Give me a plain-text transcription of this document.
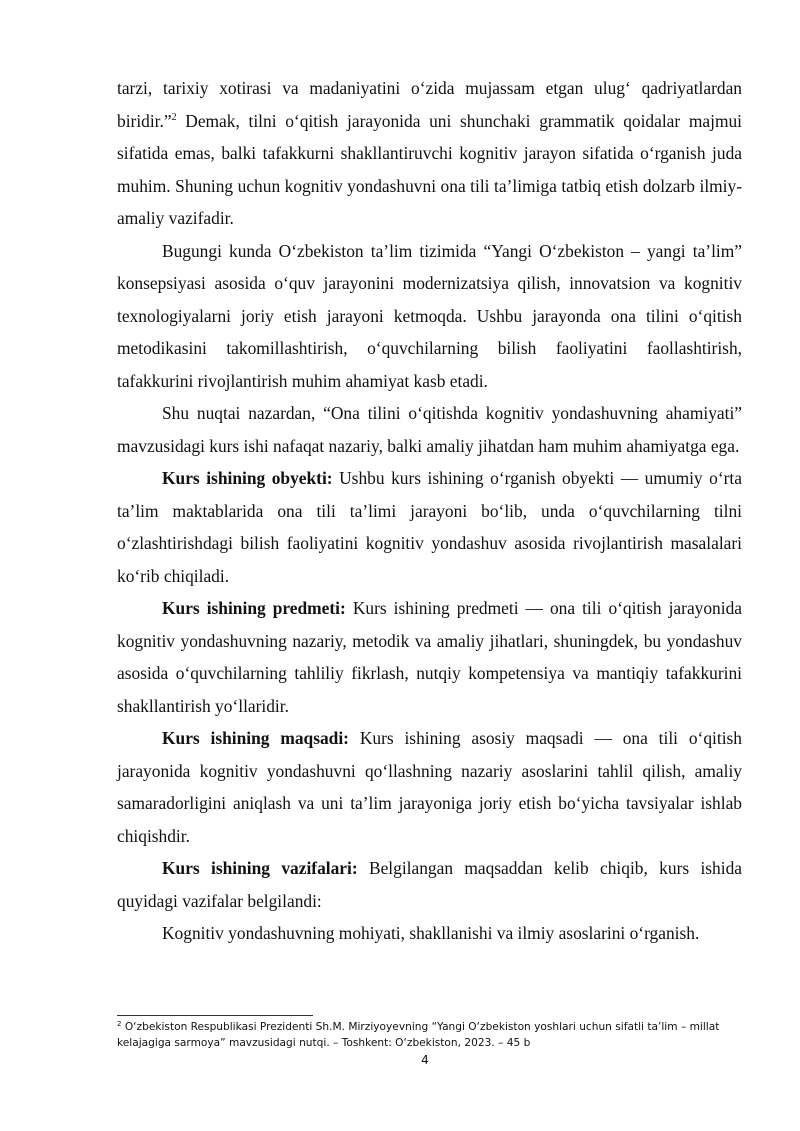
tarzi, tarixiy xotirasi va madaniyatini o‘zida mujassam etgan ulug‘ qadriyatlardan biridir.”$^2$ Demak, tilni o‘qitish jarayonida uni shunchaki grammatik qoidalar majmui sifatida emas, balki tafakkurni shakllantiruvchi kognitiv jarayon sifatida o‘rganish juda muhim. Shuning uchun kognitiv yondashuvni ona tili ta’limiga tatbiq etish dolzarb ilmiy-amaliy vazifadir.

Bugungi kunda O‘zbekiston ta’lim tizimida “Yangi O‘zbekiston – yangi ta’lim” konsepsiyasi asosida o‘quv jarayonini modernizatsiya qilish, innovatsion va kognitiv texnologiyalarni joriy etish jarayoni ketmoqda. Ushbu jarayonda ona tilini o‘qitish metodikasini takomillashtirish, o‘quvchilarning bilish faoliyatini faollashtirish, tafakkurini rivojlantirish muhim ahamiyat kasb etadi.

Shu nuqtai nazardan, “Ona tilini o‘qitishda kognitiv yondashuvning ahamiyati” mavzusidagi kurs ishi nafaqat nazariy, balki amaliy jihatdan ham muhim ahamiyatga ega.

Kurs ishining obyekti: Ushbu kurs ishining o‘rganish obyekti — umumiy o‘rta ta’lim maktablarida ona tili ta’limi jarayoni bo‘lib, unda o‘quvchilarning tilni o‘zlashtirishdagi bilish faoliyatini kognitiv yondashuv asosida rivojlantirish masalalari ko‘rib chiqiladi.

Kurs ishining predmeti: Kurs ishining predmeti — ona tili o‘qitish jarayonida kognitiv yondashuvning nazariy, metodik va amaliy jihatlari, shuningdek, bu yondashuv asosida o‘quvchilarning tahliliy fikrlash, nutqiy kompetensiya va mantiqiy tafakkurini shakllantirish yo‘llaridir.

Kurs ishining maqsadi: Kurs ishining asosiy maqsadi — ona tili o‘qitish jarayonida kognitiv yondashuvni qo‘llashning nazariy asoslarini tahlil qilish, amaliy samaradorligini aniqlash va uni ta’lim jarayoniga joriy etish bo‘yicha tavsiyalar ishlab chiqishdir.

Kurs ishining vazifalari: Belgilangan maqsaddan kelib chiqib, kurs ishida quyidagi vazifalar belgilandi:

Kognitiv yondashuvning mohiyati, shakllanishi va ilmiy asoslarini o‘rganish.

$^2$ O‘zbekiston Respublikasi Prezidenti Sh.M. Mirziyoyevning “Yangi O‘zbekiston yoshlari uchun sifatli ta’lim – millat kelajagiga sarmoya” mavzusidagi nutqi. – Toshkent: O‘zbekiston, 2023. – 45 b
4
